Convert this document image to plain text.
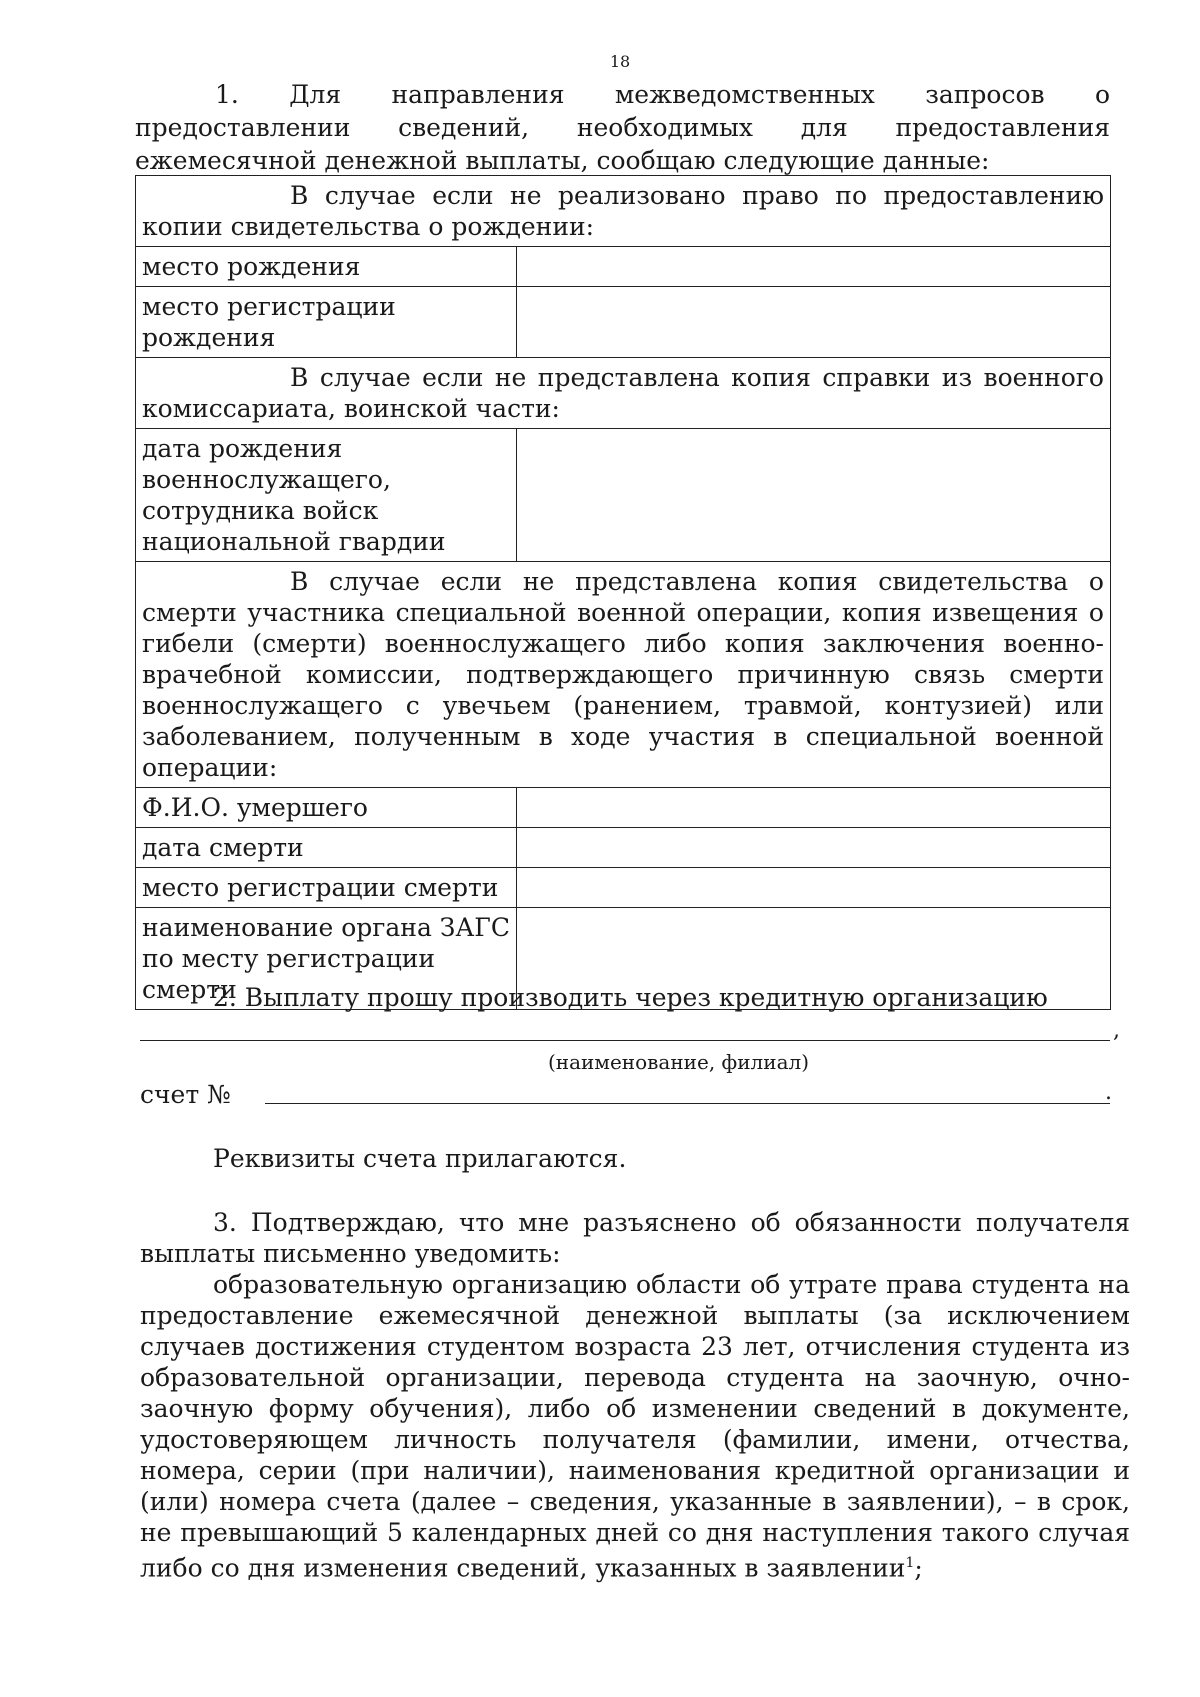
18

1. Для направления межведомственных запросов о предоставлении сведений, необходимых для предоставления ежемесячной денежной выплаты, сообщаю следующие данные:

В случае если не реализовано право по предоставлению копии свидетельства о рождении:	

место рождения	
место регистрации рождения	
В случае если не представлена копия справки из военного комиссариата, воинской части:	
дата рождения военнослужащего, сотрудника войск национальной гвардии	
В случае если не представлена копия свидетельства о смерти участника специальной военной операции, копия извещения о гибели (смерти) военнослужащего либо копия заключения военно-врачебной комиссии, подтверждающего причинную связь смерти военнослужащего с увечьем (ранением, травмой, контузией) или заболеванием, полученным в ходе участия в специальной военной операции:	
Ф.И.О. умершего	
дата смерти	
место регистрации смерти	
наименование органа ЗАГС по месту регистрации смерти	
2. Выплату прошу производить через кредитную организацию
,
(наименование, филиал)
счет №	.
Реквизиты счета прилагаются.

3. Подтверждаю, что мне разъяснено об обязанности получателя выплаты письменно уведомить:

образовательную организацию области об утрате права студента на предоставление ежемесячной денежной выплаты (за исключением случаев достижения студентом возраста 23 лет, отчисления студента из образовательной организации, перевода студента на заочную, очно-заочную форму обучения), либо об изменении сведений в документе, удостоверяющем личность получателя (фамилии, имени, отчества, номера, серии (при наличии), наименования кредитной организации и (или) номера счета (далее – сведения, указанные в заявлении), – в срок, не превышающий 5 календарных дней со дня наступления такого случая либо со дня изменения сведений, указанных в заявлении$^1$;
